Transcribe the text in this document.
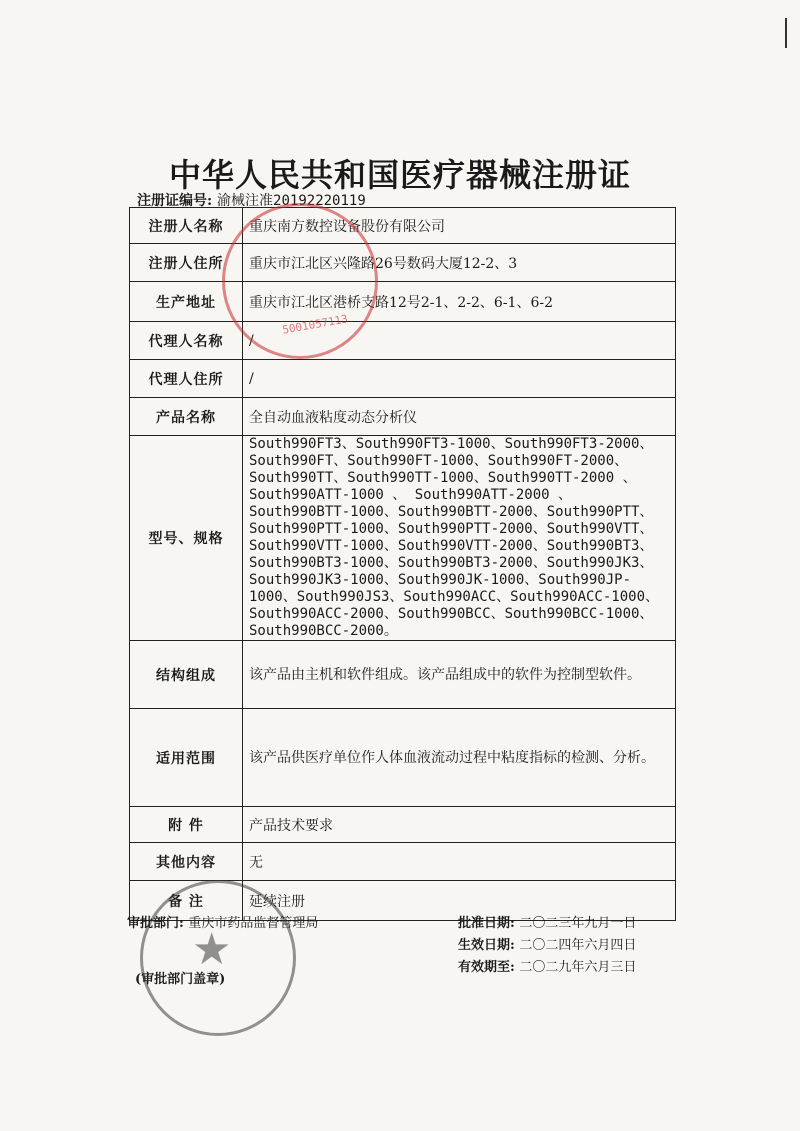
中华人民共和国医疗器械注册证
注册证编号: 渝械注准20192220119
注册人名称	重庆南方数控设备股份有限公司
注册人住所	重庆市江北区兴隆路26号数码大厦12-2、3
生产地址	重庆市江北区港桥支路12号2-1、2-2、6-1、6-2
代理人名称	/
代理人住所	/
产品名称	全自动血液粘度动态分析仪
型号、规格	South990FT3、South990FT3-1000、South990FT3-2000、South990FT、South990FT-1000、South990FT-2000、South990TT、South990TT-1000、South990TT-2000 、 South990ATT-1000 、 South990ATT-2000 、South990BTT-1000、South990BTT-2000、South990PTT、South990PTT-1000、South990PTT-2000、South990VTT、South990VTT-1000、South990VTT-2000、South990BT3、South990BT3-1000、South990BT3-2000、South990JK3、South990JK3-1000、South990JK-1000、South990JP-1000、South990JS3、South990ACC、South990ACC-1000、South990ACC-2000、South990BCC、South990BCC-1000、South990BCC-2000。
结构组成	该产品由主机和软件组成。该产品组成中的软件为控制型软件。
适用范围	该产品供医疗单位作人体血液流动过程中粘度指标的检测、分析。
附 件	产品技术要求
其他内容	无
备 注	延续注册
5001057113
★
审批部门: 重庆市药品监督管理局
(审批部门盖章)
批准日期: 二〇二三年九月一日
生效日期: 二〇二四年六月四日
有效期至: 二〇二九年六月三日
